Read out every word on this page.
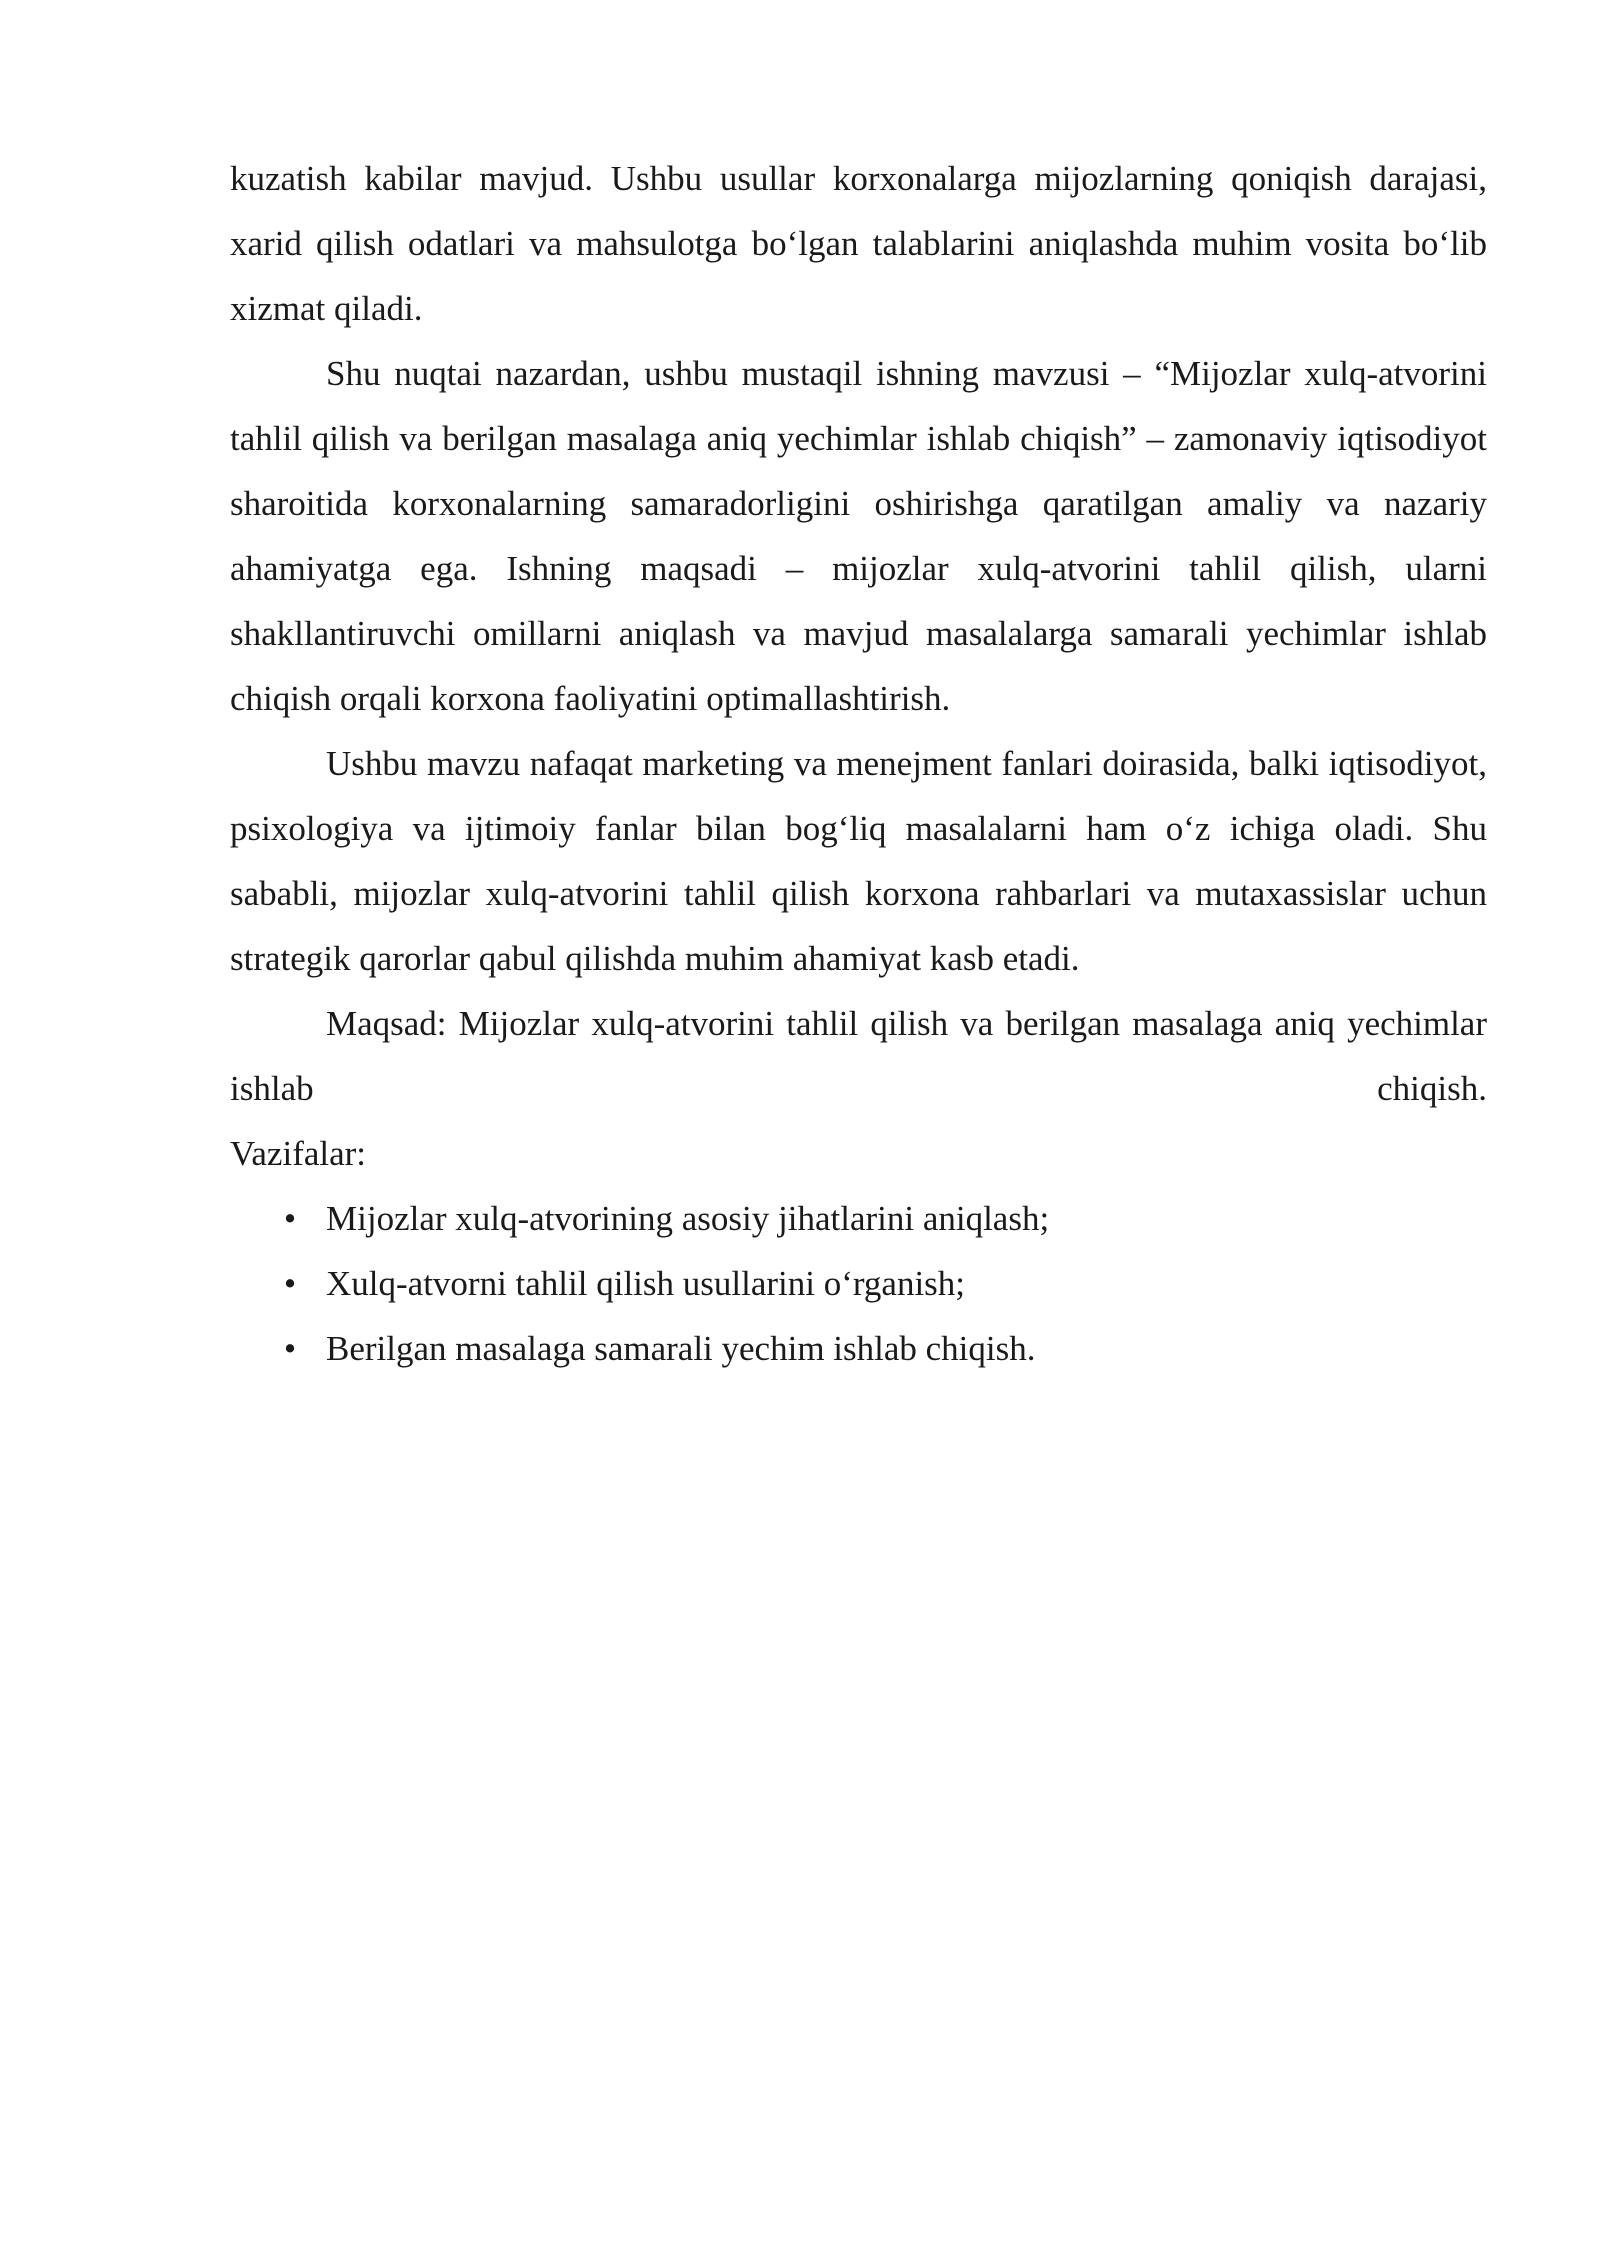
kuzatish kabilar mavjud. Ushbu usullar korxonalarga mijozlarning qoniqish darajasi, xarid qilish odatlari va mahsulotga bo‘lgan talablarini aniqlashda muhim vosita bo‘lib xizmat qiladi.

Shu nuqtai nazardan, ushbu mustaqil ishning mavzusi – “Mijozlar xulq-atvorini tahlil qilish va berilgan masalaga aniq yechimlar ishlab chiqish” – zamonaviy iqtisodiyot sharoitida korxonalarning samaradorligini oshirishga qaratilgan amaliy va nazariy ahamiyatga ega. Ishning maqsadi – mijozlar xulq-atvorini tahlil qilish, ularni shakllantiruvchi omillarni aniqlash va mavjud masalalarga samarali yechimlar ishlab chiqish orqali korxona faoliyatini optimallashtirish.

Ushbu mavzu nafaqat marketing va menejment fanlari doirasida, balki iqtisodiyot, psixologiya va ijtimoiy fanlar bilan bog‘liq masalalarni ham o‘z ichiga oladi. Shu sababli, mijozlar xulq-atvorini tahlil qilish korxona rahbarlari va mutaxassislar uchun strategik qarorlar qabul qilishda muhim ahamiyat kasb etadi.

Maqsad: Mijozlar xulq-atvorini tahlil qilish va berilgan masalaga aniq yechimlar ishlab chiqish.

Vazifalar:

• Mijozlar xulq-atvorining asosiy jihatlarini aniqlash;
• Xulq-atvorni tahlil qilish usullarini o‘rganish;
• Berilgan masalaga samarali yechim ishlab chiqish.
